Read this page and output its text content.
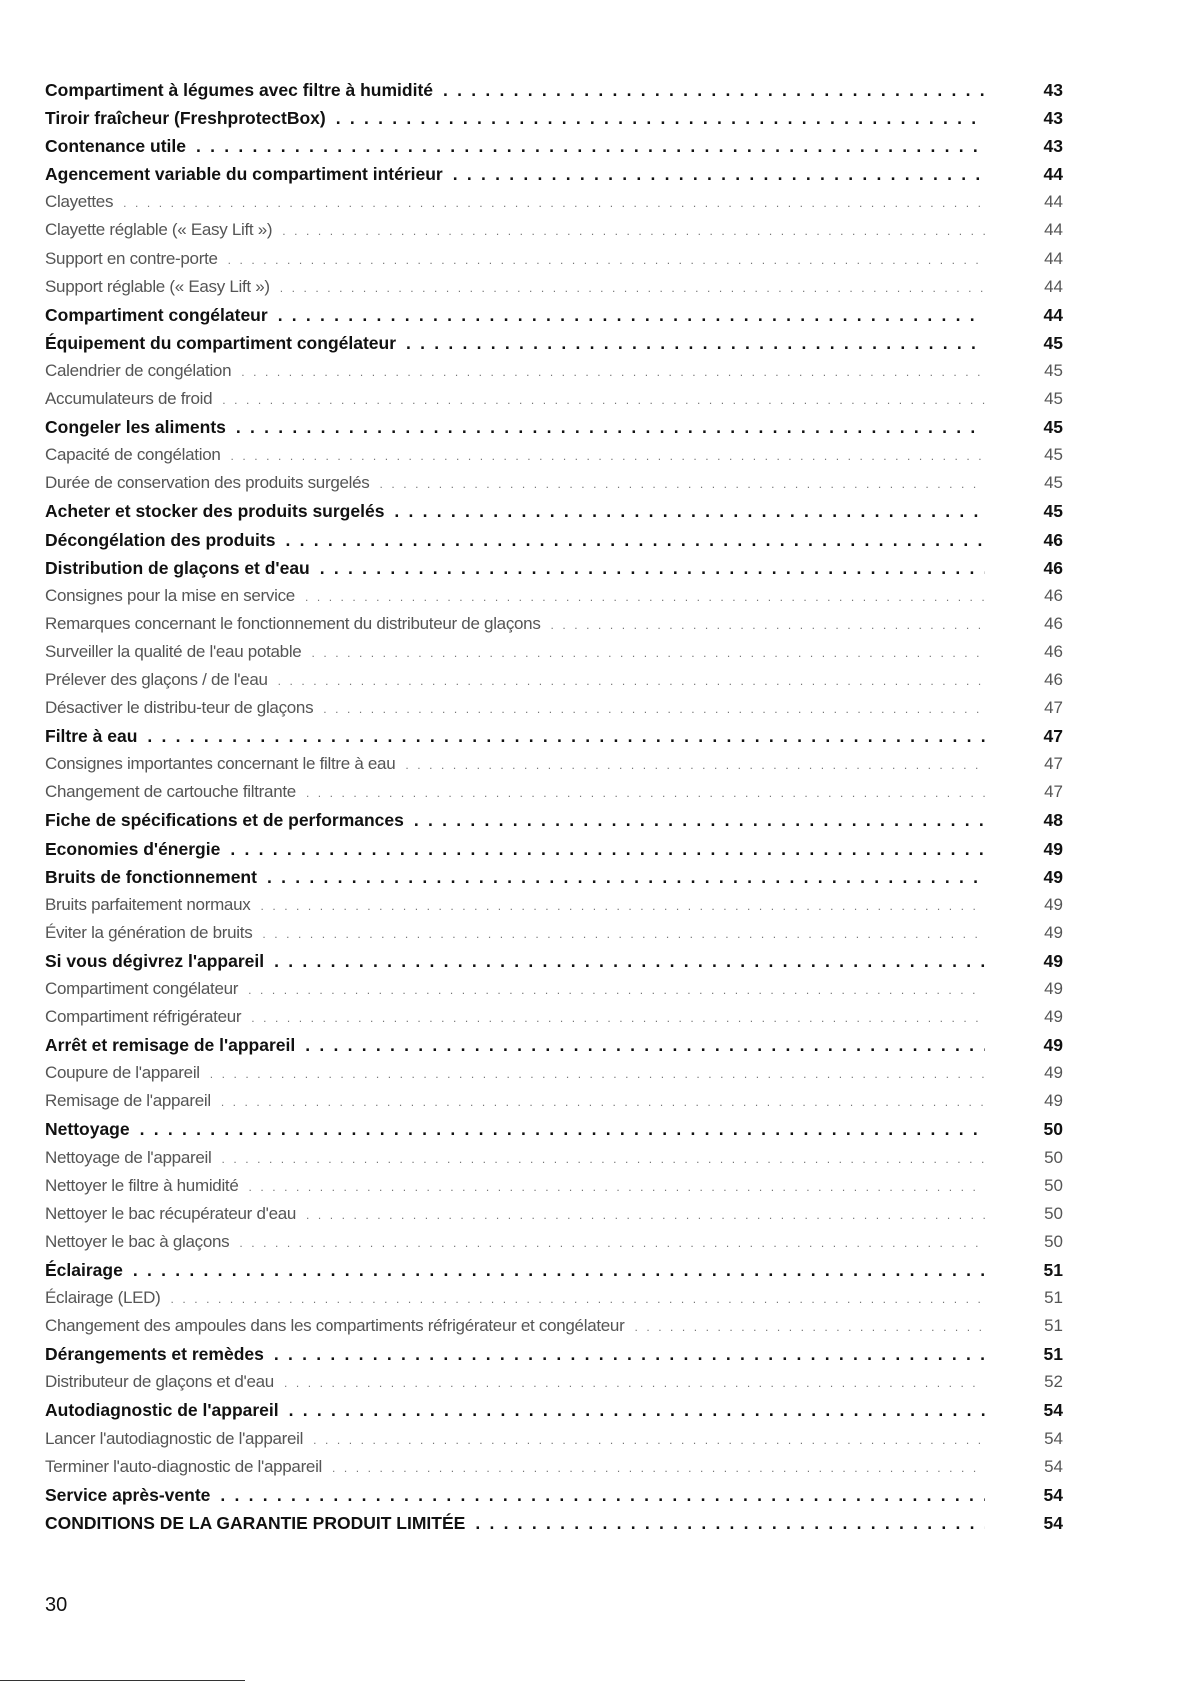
Compartiment à légumes avec filtre à humidité . . .	43
Tiroir fraîcheur (FreshprotectBox) . . .	43
Contenance utile . . .	43
Agencement variable du compartiment intérieur . . .	44
Clayettes . . .	44
Clayette réglable (« Easy Lift ») . . .	44
Support en contre-porte . . .	44
Support réglable (« Easy Lift ») . . .	44
Compartiment congélateur . . .	44
Équipement du compartiment congélateur . . .	45
Calendrier de congélation . . .	45
Accumulateurs de froid . . .	45
Congeler les aliments . . .	45
Capacité de congélation . . .	45
Durée de conservation des produits surgelés . . .	45
Acheter et stocker des produits surgelés . . .	45
Décongélation des produits . . .	46
Distribution de glaçons et d'eau . . .	46
Consignes pour la mise en service . . .	46
Remarques concernant le fonctionnement du distributeur de glaçons . . .	46
Surveiller la qualité de l'eau potable . . .	46
Prélever des glaçons / de l'eau . . .	46
Désactiver le distribu-teur de glaçons . . .	47
Filtre à eau . . .	47
Consignes importantes concernant le filtre à eau . . .	47
Changement de cartouche filtrante . . .	47
Fiche de spécifications et de performances . . .	48
Economies d'énergie . . .	49
Bruits de fonctionnement . . .	49
Bruits parfaitement normaux . . .	49
Éviter la génération de bruits . . .	49
Si vous dégivrez l'appareil . . .	49
Compartiment congélateur . . .	49
Compartiment réfrigérateur . . .	49
Arrêt et remisage de l'appareil . . .	49
Coupure de l'appareil . . .	49
Remisage de l'appareil . . .	49
Nettoyage . . .	50
Nettoyage de l'appareil . . .	50
Nettoyer le filtre à humidité . . .	50
Nettoyer le bac récupérateur d'eau . . .	50
Nettoyer le bac à glaçons . . .	50
Éclairage . . .	51
Éclairage (LED) . . .	51
Changement des ampoules dans les compartiments réfrigérateur et congélateur . . .	51
Dérangements et remèdes . . .	51
Distributeur de glaçons et d'eau . . .	52
Autodiagnostic de l'appareil . . .	54
Lancer l'autodiagnostic de l'appareil . . .	54
Terminer l'auto-diagnostic de l'appareil . . .	54
Service après-vente . . .	54
CONDITIONS DE LA GARANTIE PRODUIT LIMITÉE . . .	54
30
